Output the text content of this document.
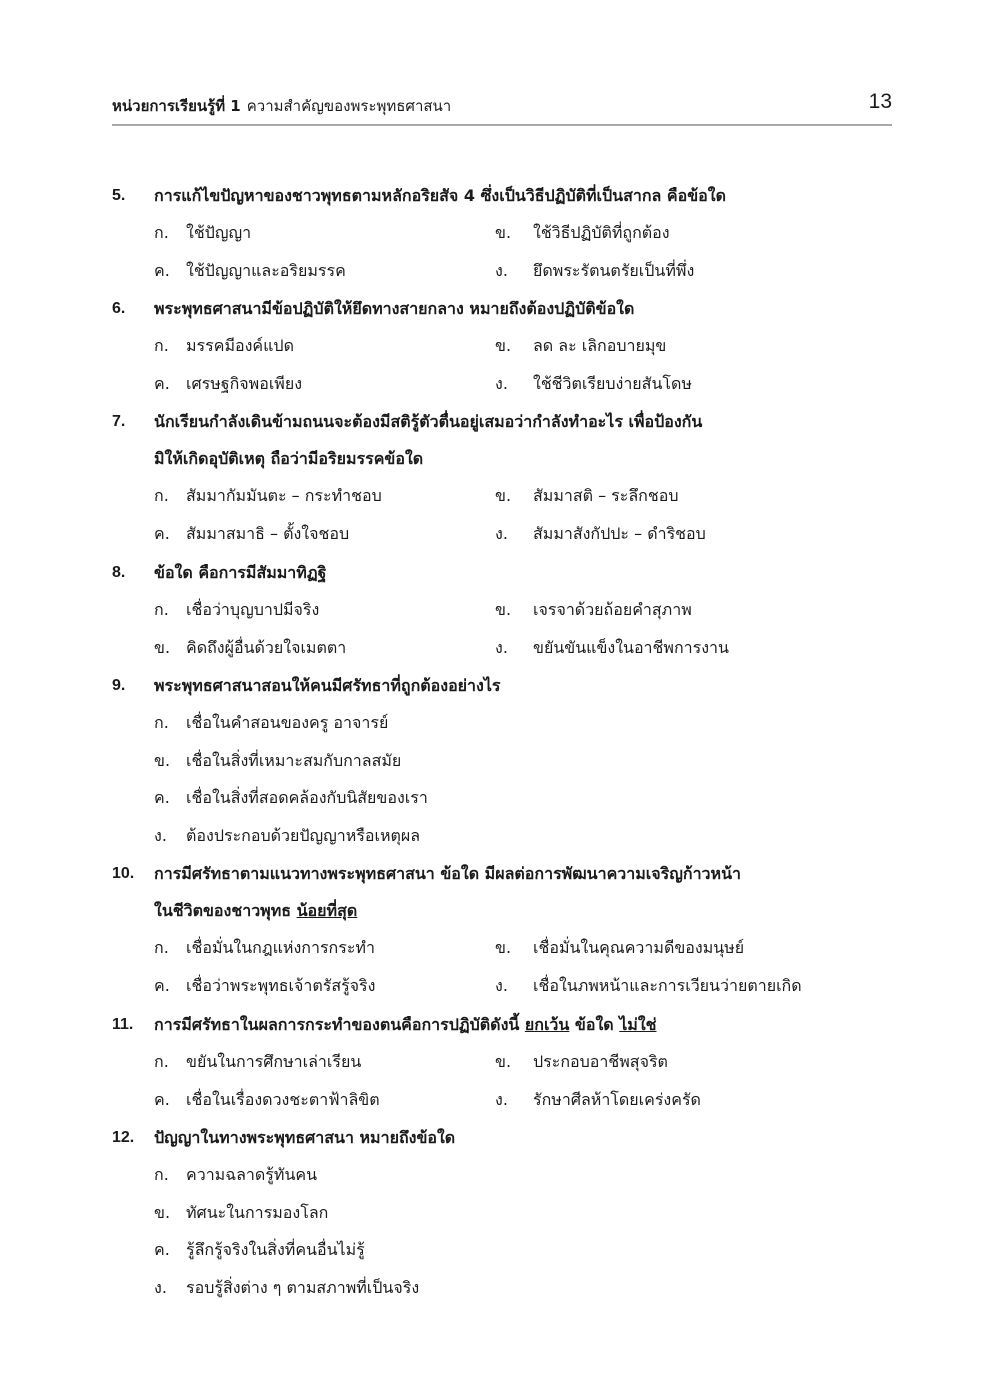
หน่วยการเรียนรู้ที่ 1 ความสำคัญของพระพุทธศาสนา	13
5.	การแก้ไขปัญหาของชาวพุทธตามหลักอริยสัจ 4 ซึ่งเป็นวิธีปฏิบัติที่เป็นสากล คือข้อใด
ก.	ใช้ปัญญา	ข.	ใช้วิธีปฏิบัติที่ถูกต้อง
ค.	ใช้ปัญญาและอริยมรรค	ง.	ยึดพระรัตนตรัยเป็นที่พึ่ง
6.	พระพุทธศาสนามีข้อปฏิบัติให้ยึดทางสายกลาง หมายถึงต้องปฏิบัติข้อใด
ก.	มรรคมีองค์แปด	ข.	ลด ละ เลิกอบายมุข
ค.	เศรษฐกิจพอเพียง	ง.	ใช้ชีวิตเรียบง่ายสันโดษ
7.	นักเรียนกำลังเดินข้ามถนนจะต้องมีสติรู้ตัวตื่นอยู่เสมอว่ากำลังทำอะไร เพื่อป้องกัน
มิให้เกิดอุบัติเหตุ ถือว่ามีอริยมรรคข้อใด
ก.	สัมมากัมมันตะ – กระทำชอบ	ข.	สัมมาสติ – ระลึกชอบ
ค.	สัมมาสมาธิ – ตั้งใจชอบ	ง.	สัมมาสังกัปปะ – ดำริชอบ
8.	ข้อใด คือการมีสัมมาทิฏฐิ
ก.	เชื่อว่าบุญบาปมีจริง	ข.	เจรจาด้วยถ้อยคำสุภาพ
ข. คิดถึงผู้อื่นด้วยใจเมตตา	ง.	ขยันขันแข็งในอาชีพการงาน
9.	พระพุทธศาสนาสอนให้คนมีศรัทธาที่ถูกต้องอย่างไร
ก.	เชื่อในคำสอนของครู อาจารย์
ข. เชื่อในสิ่งที่เหมาะสมกับกาลสมัย
ค.	เชื่อในสิ่งที่สอดคล้องกับนิสัยของเรา
ง.	ต้องประกอบด้วยปัญญาหรือเหตุผล
10.	การมีศรัทธาตามแนวทางพระพุทธศาสนา ข้อใด มีผลต่อการพัฒนาความเจริญก้าวหน้า
ในชีวิตของชาวพุทธ น้อยที่สุด
ก.	เชื่อมั่นในกฎแห่งการกระทำ	ข.	เชื่อมั่นในคุณความดีของมนุษย์
ค.	เชื่อว่าพระพุทธเจ้าตรัสรู้จริง	ง.	เชื่อในภพหน้าและการเวียนว่ายตายเกิด
11.	การมีศรัทธาในผลการกระทำของตนคือการปฏิบัติดังนี้ ยกเว้น ข้อใด ไม่ใช่
ก.	ขยันในการศึกษาเล่าเรียน	ข.	ประกอบอาชีพสุจริต
ค.	เชื่อในเรื่องดวงชะตาฟ้าลิขิต	ง.	รักษาศีลห้าโดยเคร่งครัด
12.	ปัญญาในทางพระพุทธศาสนา หมายถึงข้อใด
ก.	ความฉลาดรู้ทันคน
ข. ทัศนะในการมองโลก
ค.	รู้ลึกรู้จริงในสิ่งที่คนอื่นไม่รู้
ง.	รอบรู้สิ่งต่าง ๆ ตามสภาพที่เป็นจริง
